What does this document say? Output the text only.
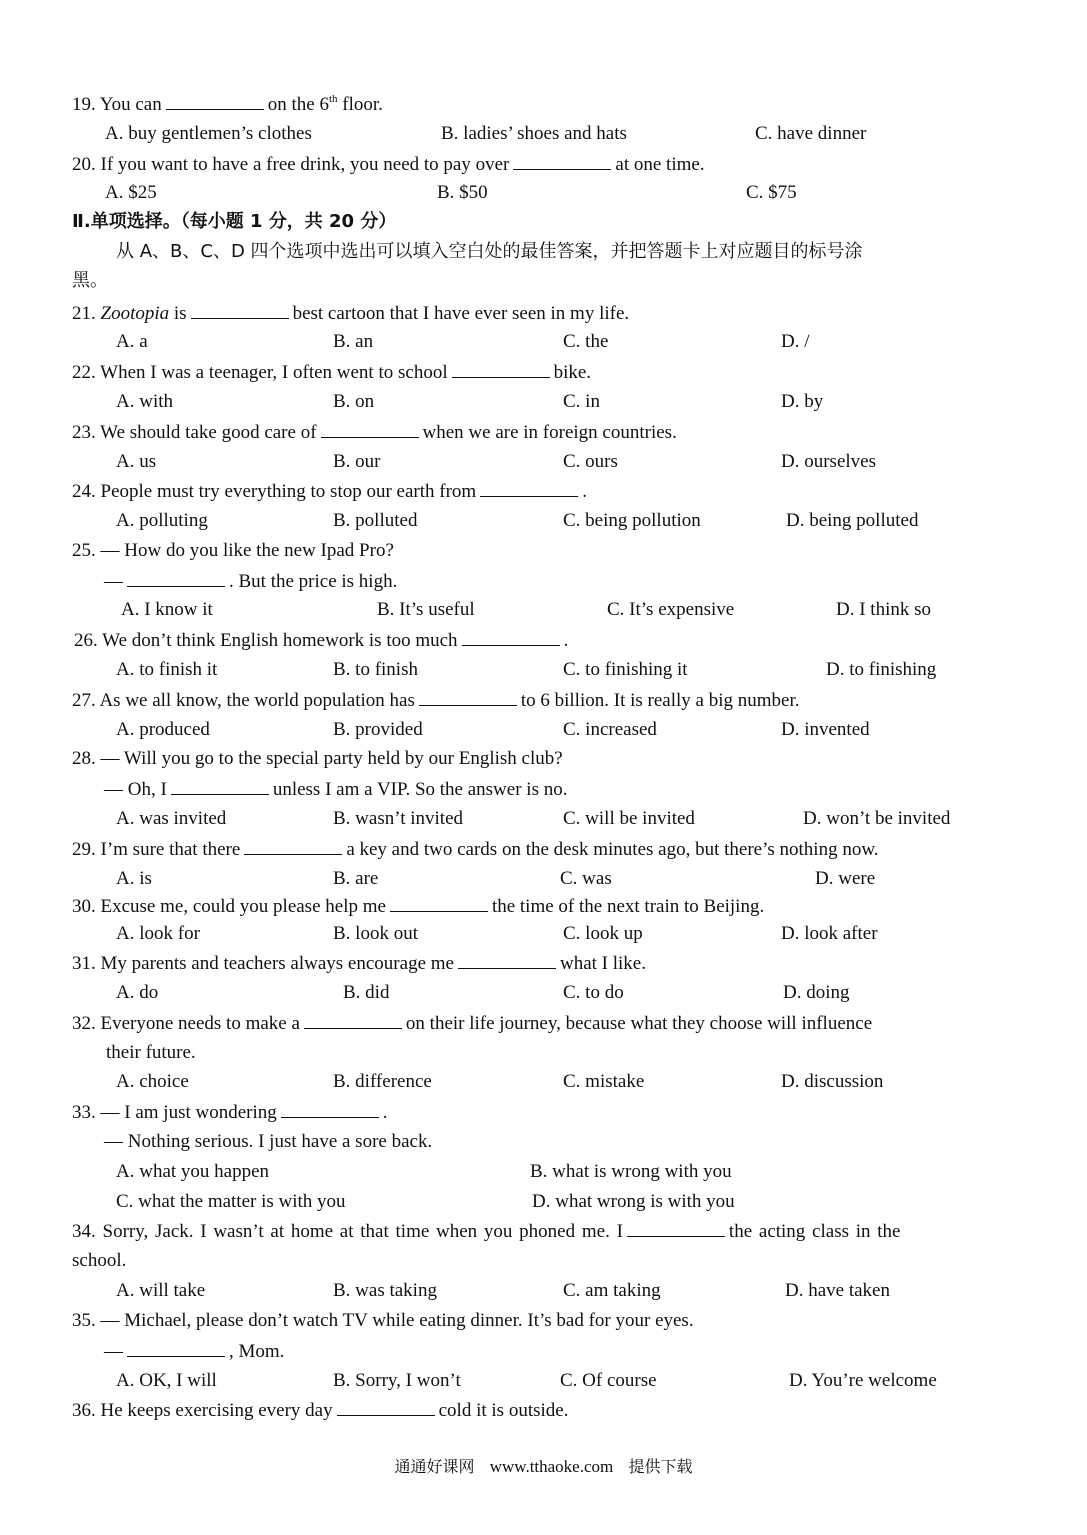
19. You can	on the 6th floor.
A. buy gentlemen’s clothes	B. ladies’ shoes and hats	C. have dinner
20. If you want to have a free drink, you need to pay over	at one time.
A. $25	B. $50	C. $75
Ⅱ.单项选择。（每小题 1 分，共 20 分）
从 A、B、C、D 四个选项中选出可以填入空白处的最佳答案，并把答题卡上对应题目的标号涂
黑。
21. Zootopia is	best cartoon that I have ever seen in my life.
A. a	B. an	C. the	D. /
22. When I was a teenager, I often went to school	bike.
A. with	B. on	C. in	D. by
23. We should take good care of	when we are in foreign countries.
A. us	B. our	C. ours	D. ourselves
24. People must try everything to stop our earth from	.
A. polluting	B. polluted	C. being pollution	D. being polluted
25. — How do you like the new Ipad Pro?
—	. But the price is high.
A. I know it	B. It’s useful	C. It’s expensive	D. I think so
26. We don’t think English homework is too much	.
A. to finish it	B. to finish	C. to finishing it	D. to finishing
27. As we all know, the world population has	to 6 billion. It is really a big number.
A. produced	B. provided	C. increased	D. invented
28. — Will you go to the special party held by our English club?
— Oh, I	unless I am a VIP. So the answer is no.
A. was invited	B. wasn’t invited	C. will be invited	D. won’t be invited
29. I’m sure that there	a key and two cards on the desk minutes ago, but there’s nothing now.
A. is	B. are	C. was	D. were
30. Excuse me, could you please help me	the time of the next train to Beijing.
A. look for	B. look out	C. look up	D. look after
31. My parents and teachers always encourage me	what I like.
A. do	B. did	C. to do	D. doing
32. Everyone needs to make a	on their life journey, because what they choose will influence
their future.
A. choice	B. difference	C. mistake	D. discussion
33. — I am just wondering	.
— Nothing serious. I just have a sore back.
A. what you happen	B. what is wrong with you
C. what the matter is with you	D. what wrong is with you
34. Sorry, Jack. I wasn’t at home at that time when you phoned me. I	the acting class in the
school.
A. will take	B. was taking	C. am taking	D. have taken
35. — Michael, please don’t watch TV while eating dinner. It’s bad for your eyes.
—	, Mom.
A. OK, I will	B. Sorry, I won’t	C. Of course	D. You’re welcome
36. He keeps exercising every day	cold it is outside.
通通好课网 www.tthaoke.com 提供下载
